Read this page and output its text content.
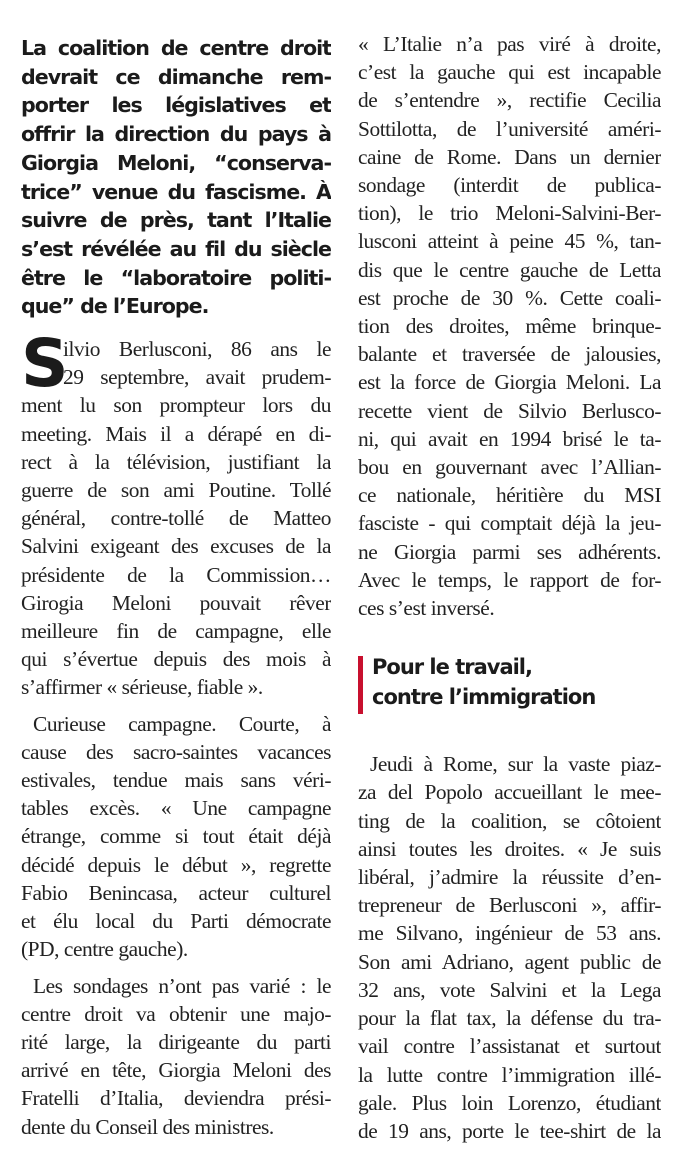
La coalition de centre droit
devrait ce dimanche rem-
porter les législatives et
offrir la direction du pays à
Giorgia Meloni, “conserva-
trice” venue du fascisme. À
suivre de près, tant l’Italie
s’est révélée au fil du siècle
être le “laboratoire politi-
que” de l’Europe.
S
ilvio Berlusconi, 86 ans le
29 septembre, avait prudem-
ment lu son prompteur lors du
meeting. Mais il a dérapé en di-
rect à la télévision, justifiant la
guerre de son ami Poutine. Tollé
général, contre-tollé de Matteo
Salvini exigeant des excuses de la
présidente de la Commission…
Girogia Meloni pouvait rêver
meilleure fin de campagne, elle
qui s’évertue depuis des mois à
s’affirmer « sérieuse, fiable ».
Curieuse campagne. Courte, à
cause des sacro-saintes vacances
estivales, tendue mais sans véri-
tables excès. « Une campagne
étrange, comme si tout était déjà
décidé depuis le début », regrette
Fabio Benincasa, acteur culturel
et élu local du Parti démocrate
(PD, centre gauche).
Les sondages n’ont pas varié : le
centre droit va obtenir une majo-
rité large, la dirigeante du parti
arrivé en tête, Giorgia Meloni des
Fratelli d’Italia, deviendra prési-
dente du Conseil des ministres.
« L’Italie n’a pas viré à droite,
c’est la gauche qui est incapable
de s’entendre », rectifie Cecilia
Sottilotta, de l’université améri-
caine de Rome. Dans un dernier
sondage (interdit de publica-
tion), le trio Meloni-Salvini-Ber-
lusconi atteint à peine 45 %, tan-
dis que le centre gauche de Letta
est proche de 30 %. Cette coali-
tion des droites, même brinque-
balante et traversée de jalousies,
est la force de Giorgia Meloni. La
recette vient de Silvio Berlusco-
ni, qui avait en 1994 brisé le ta-
bou en gouvernant avec l’Allian-
ce nationale, héritière du MSI
fasciste - qui comptait déjà la jeu-
ne Giorgia parmi ses adhérents.
Avec le temps, le rapport de for-
ces s’est inversé.
Pour le travail,
contre l’immigration
Jeudi à Rome, sur la vaste piaz-
za del Popolo accueillant le mee-
ting de la coalition, se côtoient
ainsi toutes les droites. « Je suis
libéral, j’admire la réussite d’en-
trepreneur de Berlusconi », affir-
me Silvano, ingénieur de 53 ans.
Son ami Adriano, agent public de
32 ans, vote Salvini et la Lega
pour la flat tax, la défense du tra-
vail contre l’assistanat et surtout
la lutte contre l’immigration illé-
gale. Plus loin Lorenzo, étudiant
de 19 ans, porte le tee-shirt de la
